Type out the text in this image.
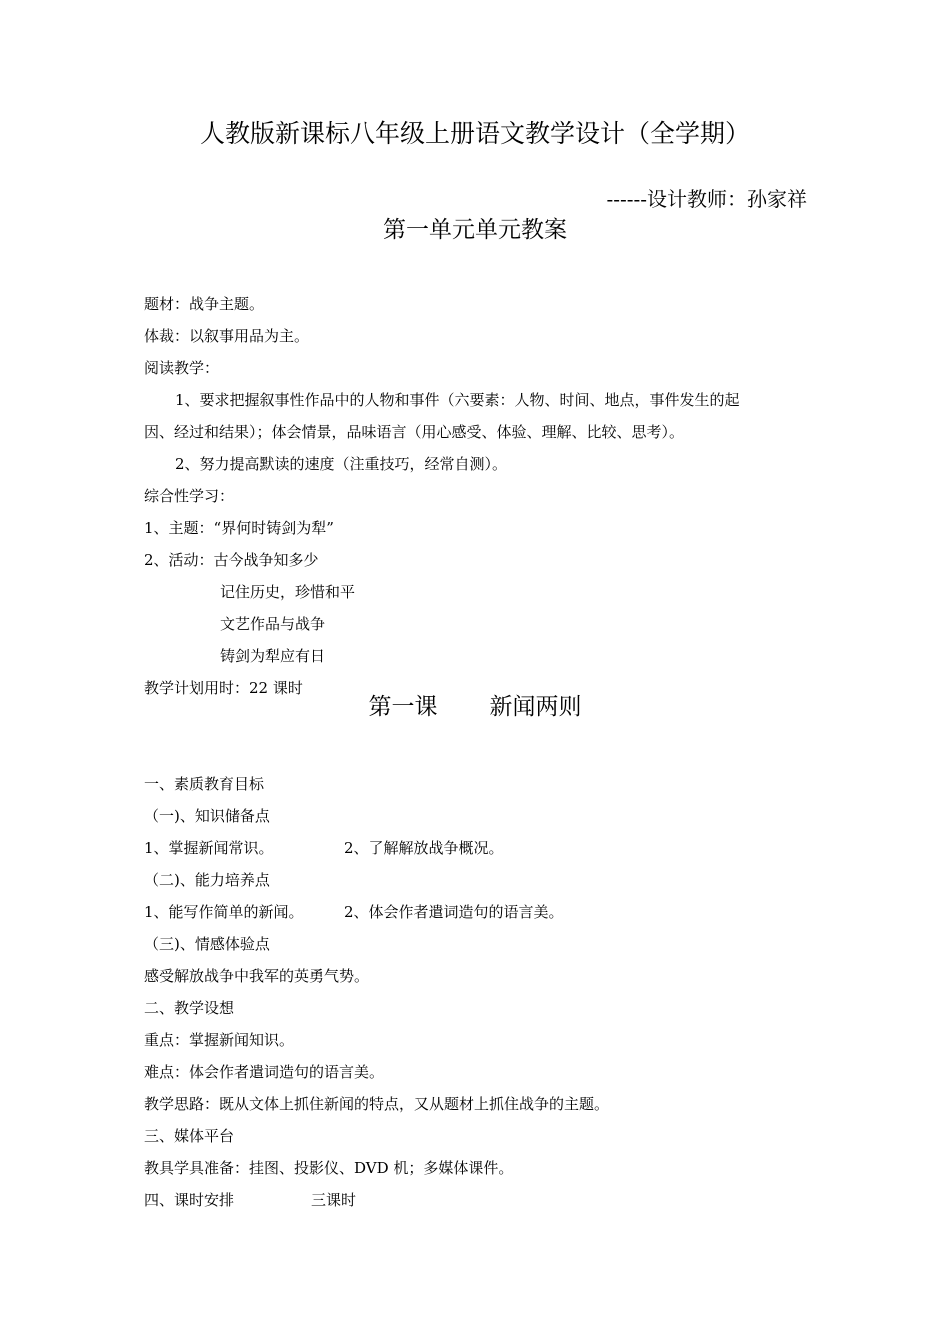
人教版新课标八年级上册语文教学设计（全学期）
------设计教师：孙家祥
第一单元单元教案
题材：战争主题。
体裁：以叙事用品为主。
阅读教学：
1、要求把握叙事性作品中的人物和事件（六要素：人物、时间、地点，事件发生的起
因、经过和结果）；体会情景，品味语言（用心感受、体验、理解、比较、思考）。
2、努力提高默读的速度（注重技巧，经常自测）。
综合性学习：
1、主题：“界何时铸剑为犁”
2、活动：古今战争知多少
记住历史，珍惜和平
文艺作品与战争
铸剑为犁应有日
教学计划用时：22 课时
第一课 新闻两则
一、素质教育目标
（一)、知识储备点
1、掌握新闻常识。	2、了解解放战争概况。
（二)、能力培养点
1、能写作简单的新闻。	2、体会作者遣词造句的语言美。
（三)、情感体验点
感受解放战争中我军的英勇气势。
二、教学设想
重点：掌握新闻知识。
难点：体会作者遣词造句的语言美。
教学思路：既从文体上抓住新闻的特点，又从题材上抓住战争的主题。
三、媒体平台
教具学具准备：挂图、投影仪、DVD 机；多媒体课件。
四、课时安排	三课时
